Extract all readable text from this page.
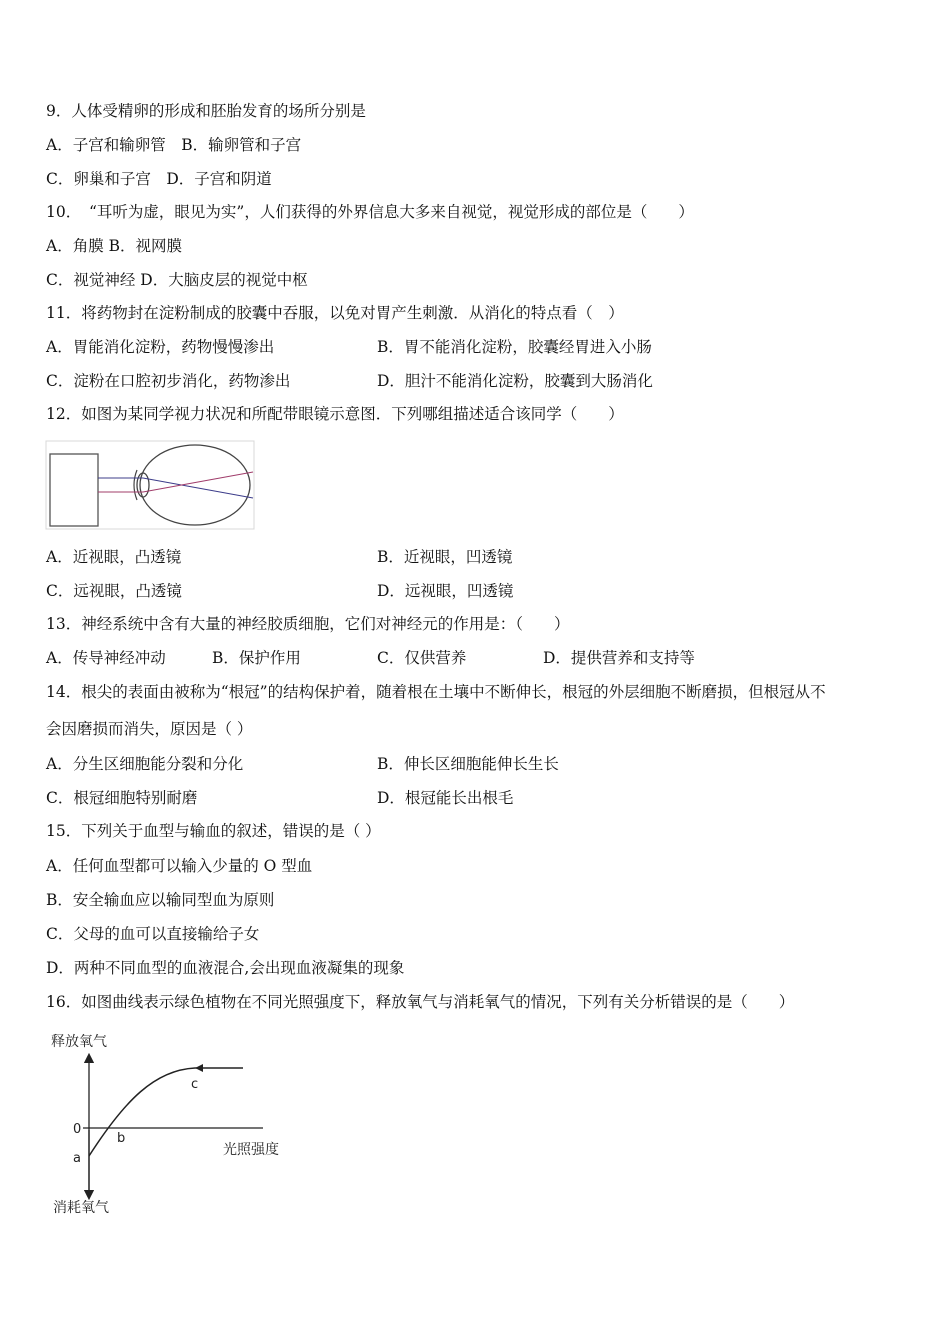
9．人体受精卵的形成和胚胎发育的场所分别是
A．子宫和输卵管　B．输卵管和子宫
C．卵巢和子宫　D．子宫和阴道
10．　“耳听为虚，眼见为实”，人们获得的外界信息大多来自视觉，视觉形成的部位是（　　）
A．角膜 B．视网膜
C．视觉神经 D．大脑皮层的视觉中枢
11．将药物封在淀粉制成的胶囊中吞服，以免对胃产生刺激．从消化的特点看（　）
A．胃能消化淀粉，药物慢慢渗出	B．胃不能消化淀粉，胶囊经胃进入小肠
C．淀粉在口腔初步消化，药物渗出	D．胆汁不能消化淀粉，胶囊到大肠消化
12．如图为某同学视力状况和所配带眼镜示意图．下列哪组描述适合该同学（　　）
A．近视眼，凸透镜	B．近视眼，凹透镜
C．远视眼，凸透镜	D．远视眼，凹透镜
13．神经系统中含有大量的神经胶质细胞，它们对神经元的作用是：（　　）
A．传导神经冲动	B．保护作用	C．仅供营养	D．提供营养和支持等
14．根尖的表面由被称为“根冠”的结构保护着，随着根在土壤中不断伸长，根冠的外层细胞不断磨损，但根冠从不
会因磨损而消失，原因是（ ）
A．分生区细胞能分裂和分化	B．伸长区细胞能伸长生长
C．根冠细胞特别耐磨	D．根冠能长出根毛
15．下列关于血型与输血的叙述，错误的是（ ）
A．任何血型都可以输入少量的 O 型血
B．安全输血应以输同型血为原则
C．父母的血可以直接输给子女
D．两种不同血型的血液混合,会出现血液凝集的现象
16．如图曲线表示绿色植物在不同光照强度下，释放氧气与消耗氧气的情况，下列有关分析错误的是（　　）
释放氧气
消耗氧气
光照强度
0
a
b
c
